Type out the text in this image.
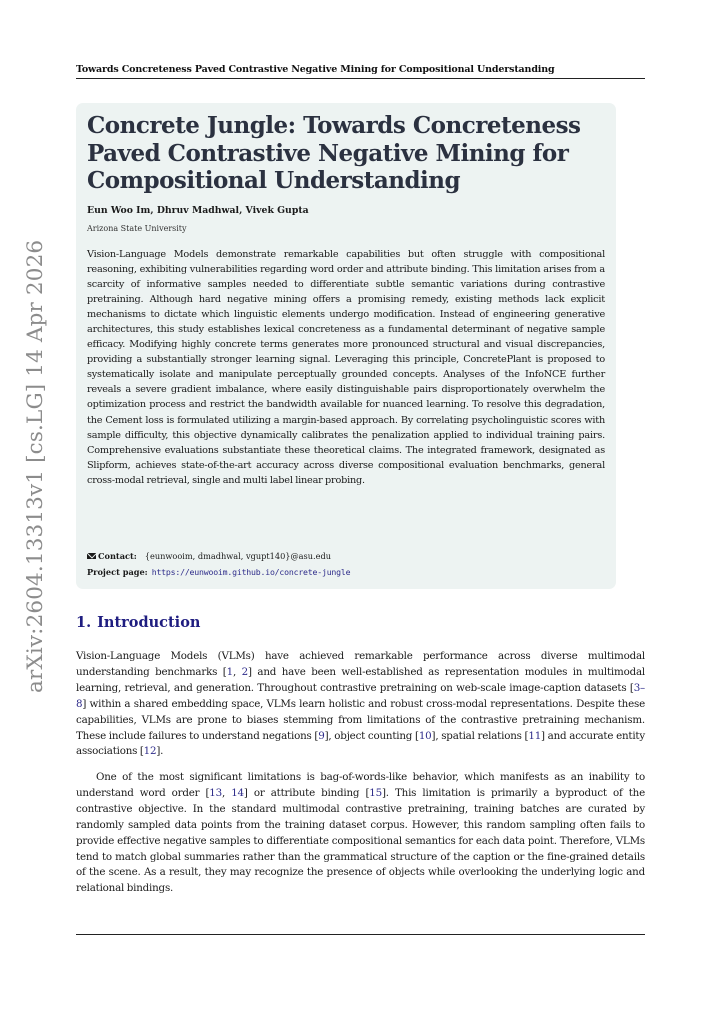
Towards Concreteness Paved Contrastive Negative Mining for Compositional Understanding
arXiv:2604.13313v1 [cs.LG] 14 Apr 2026
Concrete Jungle: Towards Concreteness Paved Contrastive Negative Mining for Compositional Understanding
Eun Woo Im, Dhruv Madhwal, Vivek Gupta
Arizona State University

Vision-Language Models demonstrate remarkable capabilities but often struggle with compositional reasoning, exhibiting vulnerabilities regarding word order and attribute binding. This limitation arises from a scarcity of informative samples needed to differentiate subtle semantic variations during contrastive pretraining. Although hard negative mining offers a promising remedy, existing methods lack explicit mechanisms to dictate which linguistic elements undergo modification. Instead of engineering generative architectures, this study establishes lexical concreteness as a fundamental determinant of negative sample efficacy. Modifying highly concrete terms generates more pronounced structural and visual discrepancies, providing a substantially stronger learning signal. Leveraging this principle, ConcretePlant is proposed to systematically isolate and manipulate perceptually grounded concepts. Analyses of the InfoNCE further reveals a severe gradient imbalance, where easily distinguishable pairs disproportionately overwhelm the optimization process and restrict the bandwidth available for nuanced learning. To resolve this degradation, the Cement loss is formulated utilizing a margin-based approach. By correlating psycholinguistic scores with sample difficulty, this objective dynamically calibrates the penalization applied to individual training pairs. Comprehensive evaluations substantiate these theoretical claims. The integrated framework, designated as Slipform, achieves state-of-the-art accuracy across diverse compositional evaluation benchmarks, general cross-modal retrieval, single and multi label linear probing.

Contact: {eunwooim, dmadhwal, vgupt140}@asu.edu
Project page: https://eunwooim.github.io/concrete-jungle
1. Introduction

Vision-Language Models (VLMs) have achieved remarkable performance across diverse multimodal understanding benchmarks [1, 2] and have been well-established as representation modules in multimodal learning, retrieval, and generation. Throughout contrastive pretraining on web-scale image-caption datasets [3–8] within a shared embedding space, VLMs learn holistic and robust cross-modal representations. Despite these capabilities, VLMs are prone to biases stemming from limitations of the contrastive pretraining mechanism. These include failures to understand negations [9], object counting [10], spatial relations [11] and accurate entity associations [12].

One of the most significant limitations is bag-of-words-like behavior, which manifests as an inability to understand word order [13, 14] or attribute binding [15]. This limitation is primarily a byproduct of the contrastive objective. In the standard multimodal contrastive pretraining, training batches are curated by randomly sampled data points from the training dataset corpus. However, this random sampling often fails to provide effective negative samples to differentiate compositional semantics for each data point. Therefore, VLMs tend to match global summaries rather than the grammatical structure of the caption or the fine-grained details of the scene. As a result, they may recognize the presence of objects while overlooking the underlying logic and relational bindings.
